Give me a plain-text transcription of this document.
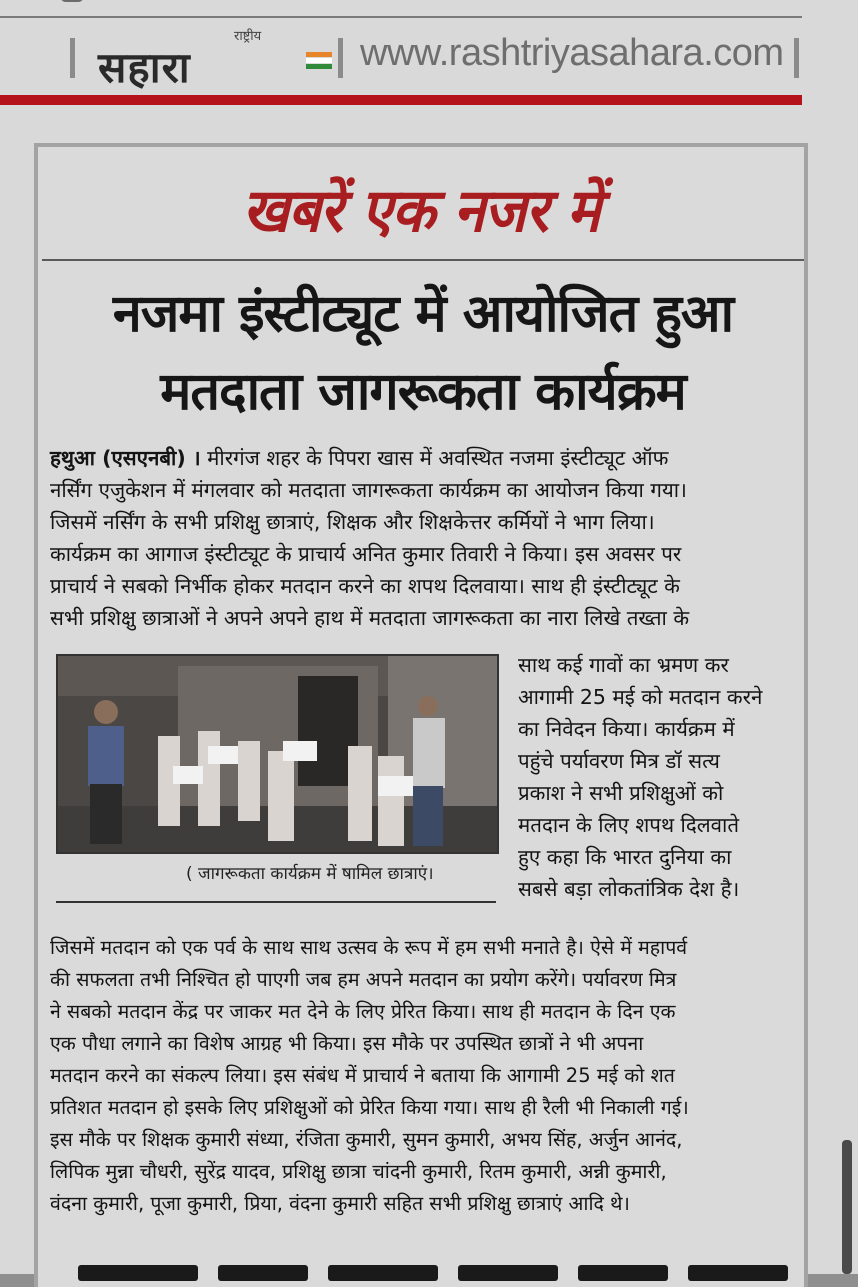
राष्ट्रीय
सहारा	www.rashtriyasahara.com
खबरें एक नजर में
नजमा इंस्टीट्यूट में आयोजित हुआ
मतदाता जागरूकता कार्यक्रम
हथुआ (एसएनबी) । मीरगंज शहर के पिपरा खास में अवस्थित नजमा इंस्टीट्यूट ऑफ
नर्सिंग एजुकेशन में मंगलवार को मतदाता जागरूकता कार्यक्रम का आयोजन किया गया।
जिसमें नर्सिंग के सभी प्रशिक्षु छात्राएं, शिक्षक और शिक्षकेत्तर कर्मियों ने भाग लिया।
कार्यक्रम का आगाज इंस्टीट्यूट के प्राचार्य अनित कुमार तिवारी ने किया। इस अवसर पर
प्राचार्य ने सबको निर्भीक होकर मतदान करने का शपथ दिलवाया। साथ ही इंस्टीट्यूट के
सभी प्रशिक्षु छात्राओं ने अपने अपने हाथ में मतदाता जागरूकता का नारा लिखे तख्ता के
( जागरूकता कार्यक्रम में षामिल छात्राएं।
साथ कई गावों का भ्रमण कर
आगामी 25 मई को मतदान करने
का निवेदन किया। कार्यक्रम में
पहुंचे पर्यावरण मित्र डॉ सत्य
प्रकाश ने सभी प्रशिक्षुओं को
मतदान के लिए शपथ दिलवाते
हुए कहा कि भारत दुनिया का
सबसे बड़ा लोकतांत्रिक देश है।
जिसमें मतदान को एक पर्व के साथ साथ उत्सव के रूप में हम सभी मनाते है। ऐसे में महापर्व
की सफलता तभी निश्चित हो पाएगी जब हम अपने मतदान का प्रयोग करेंगे। पर्यावरण मित्र
ने सबको मतदान केंद्र पर जाकर मत देने के लिए प्रेरित किया। साथ ही मतदान के दिन एक
एक पौधा लगाने का विशेष आग्रह भी किया। इस मौके पर उपस्थित छात्रों ने भी अपना
मतदान करने का संकल्प लिया। इस संबंध में प्राचार्य ने बताया कि आगामी 25 मई को शत
प्रतिशत मतदान हो इसके लिए प्रशिक्षुओं को प्रेरित किया गया। साथ ही रैली भी निकाली गई।
इस मौके पर शिक्षक कुमारी संध्या, रंजिता कुमारी, सुमन कुमारी, अभय सिंह, अर्जुन आनंद,
लिपिक मुन्ना चौधरी, सुरेंद्र यादव, प्रशिक्षु छात्रा चांदनी कुमारी, रितम कुमारी, अन्नी कुमारी,
वंदना कुमारी, पूजा कुमारी, प्रिया, वंदना कुमारी सहित सभी प्रशिक्षु छात्राएं आदि थे।
